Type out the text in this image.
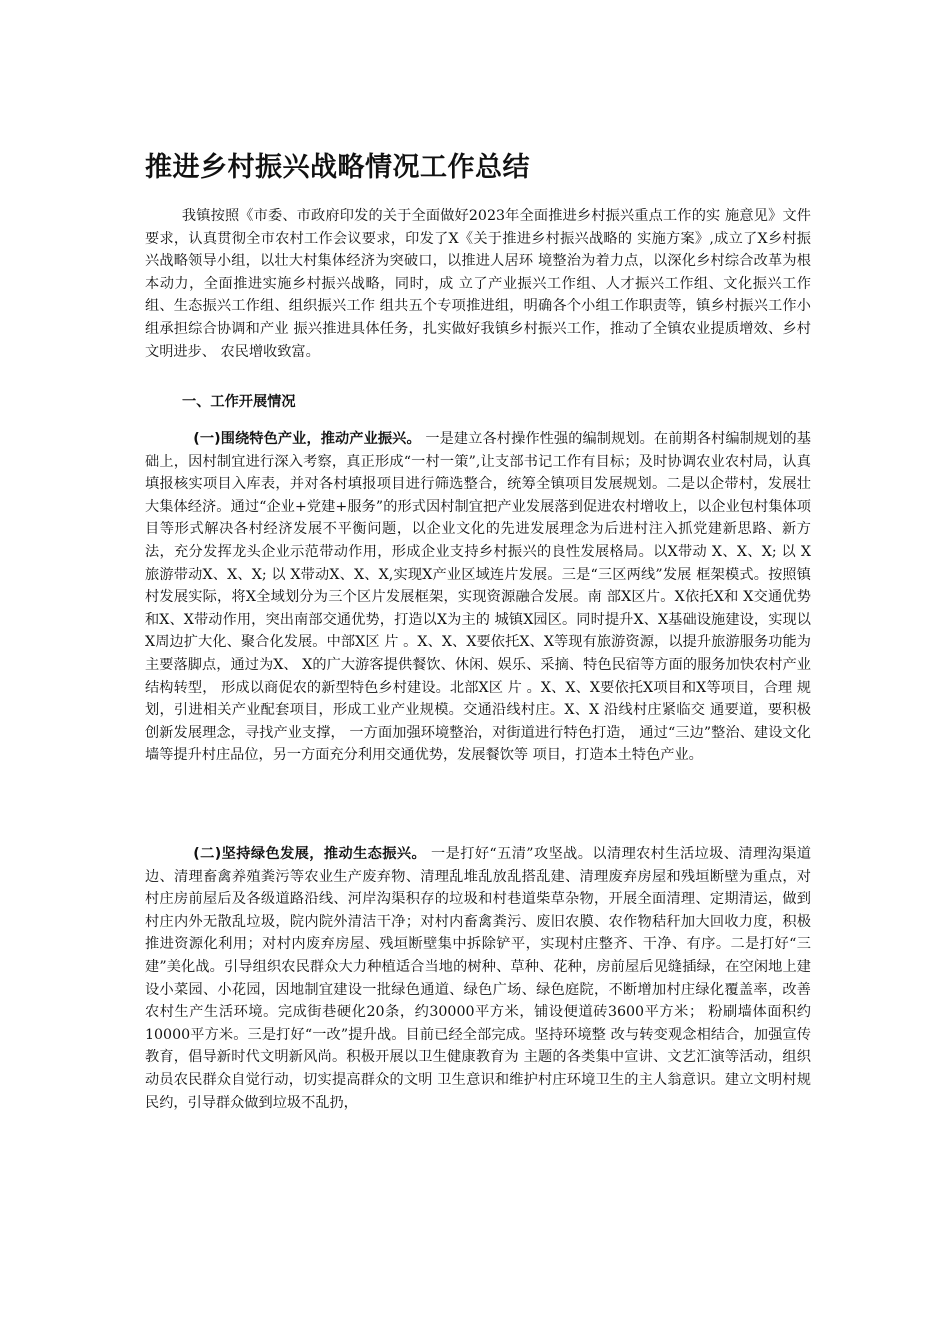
推进乡村振兴战略情况工作总结

我镇按照《市委、市政府印发的关于全面做好2023年全面推进乡村振兴重点工作的实 施意见》文件要求，认真贯彻全市农村工作会议要求，印发了X《关于推进乡村振兴战略的 实施方案》,成立了X乡村振兴战略领导小组，以壮大村集体经济为突破口，以推进人居环 境整治为着力点，以深化乡村综合改革为根本动力，全面推进实施乡村振兴战略，同时，成 立了产业振兴工作组、人才振兴工作组、文化振兴工作组、生态振兴工作组、组织振兴工作 组共五个专项推进组，明确各个小组工作职责等，镇乡村振兴工作小组承担综合协调和产业 振兴推进具体任务，扎实做好我镇乡村振兴工作，推动了全镇农业提质增效、乡村文明进步、 农民增收致富。

一、工作开展情况

(一)围绕特色产业，推动产业振兴。 一是建立各村操作性强的编制规划。在前期各村编制规划的基础上，因村制宜进行深入考察，真正形成“一村一策”,让支部书记工作有目标；及时协调农业农村局，认真填报核实项目入库表，并对各村填报项目进行筛选整合，统筹全镇项目发展规划。二是以企带村，发展壮大集体经济。通过“企业+党建+服务”的形式因村制宜把产业发展落到促进农村增收上，以企业包村集体项目等形式解决各村经济发展不平衡问题，以企业文化的先进发展理念为后进村注入抓党建新思路、新方法，充分发挥龙头企业示范带动作用，形成企业支持乡村振兴的良性发展格局。以X带动 X、X、X; 以 X 旅游带动X、X、X; 以 X带动X、X、X,实现X产业区域连片发展。三是“三区两线”发展 框架模式。按照镇村发展实际，将X全域划分为三个区片发展框架，实现资源融合发展。南 部X区片。X依托X和 X交通优势和X、X带动作用，突出南部交通优势，打造以X为主的 城镇X园区。同时提升X、X基础设施建设，实现以X周边扩大化、聚合化发展。中部X区 片 。X、X、X要依托X、X等现有旅游资源，以提升旅游服务功能为主要落脚点，通过为X、 X的广大游客提供餐饮、休闲、娱乐、采摘、特色民宿等方面的服务加快农村产业结构转型， 形成以商促农的新型特色乡村建设。北部X区 片 。X、X、X要依托X项目和X等项目，合理 规划，引进相关产业配套项目，形成工业产业规模。交通沿线村庄。X、X 沿线村庄紧临交 通要道，要积极创新发展理念，寻找产业支撑， 一方面加强环境整治，对街道进行特色打造， 通过“三边”整治、建设文化墙等提升村庄品位，另一方面充分利用交通优势，发展餐饮等 项目，打造本土特色产业。

(二)坚持绿色发展，推动生态振兴。 一是打好“五清”攻坚战。以清理农村生活垃圾、清理沟渠道边、清理畜禽养殖粪污等农业生产废弃物、清理乱堆乱放乱搭乱建、清理废弃房屋和残垣断壁为重点，对村庄房前屋后及各级道路沿线、河岸沟渠积存的垃圾和村巷道柴草杂物，开展全面清理、定期清运，做到村庄内外无散乱垃圾，院内院外清洁干净；对村内畜禽粪污、废旧农膜、农作物秸秆加大回收力度，积极推进资源化利用；对村内废弃房屋、残垣断壁集中拆除铲平，实现村庄整齐、干净、有序。二是打好“三建”美化战。引导组织农民群众大力种植适合当地的树种、草种、花种，房前屋后见缝插绿，在空闲地上建设小菜园、小花园，因地制宜建设一批绿色通道、绿色广场、绿色庭院，不断增加村庄绿化覆盖率，改善农村生产生活环境。完成街巷硬化20条，约30000平方米，铺设便道砖3600平方米； 粉刷墙体面积约10000平方米。三是打好“一改”提升战。目前已经全部完成。坚持环境整 改与转变观念相结合，加强宣传教育，倡导新时代文明新风尚。积极开展以卫生健康教育为 主题的各类集中宣讲、文艺汇演等活动，组织动员农民群众自觉行动，切实提高群众的文明 卫生意识和维护村庄环境卫生的主人翁意识。建立文明村规民约，引导群众做到垃圾不乱扔，
